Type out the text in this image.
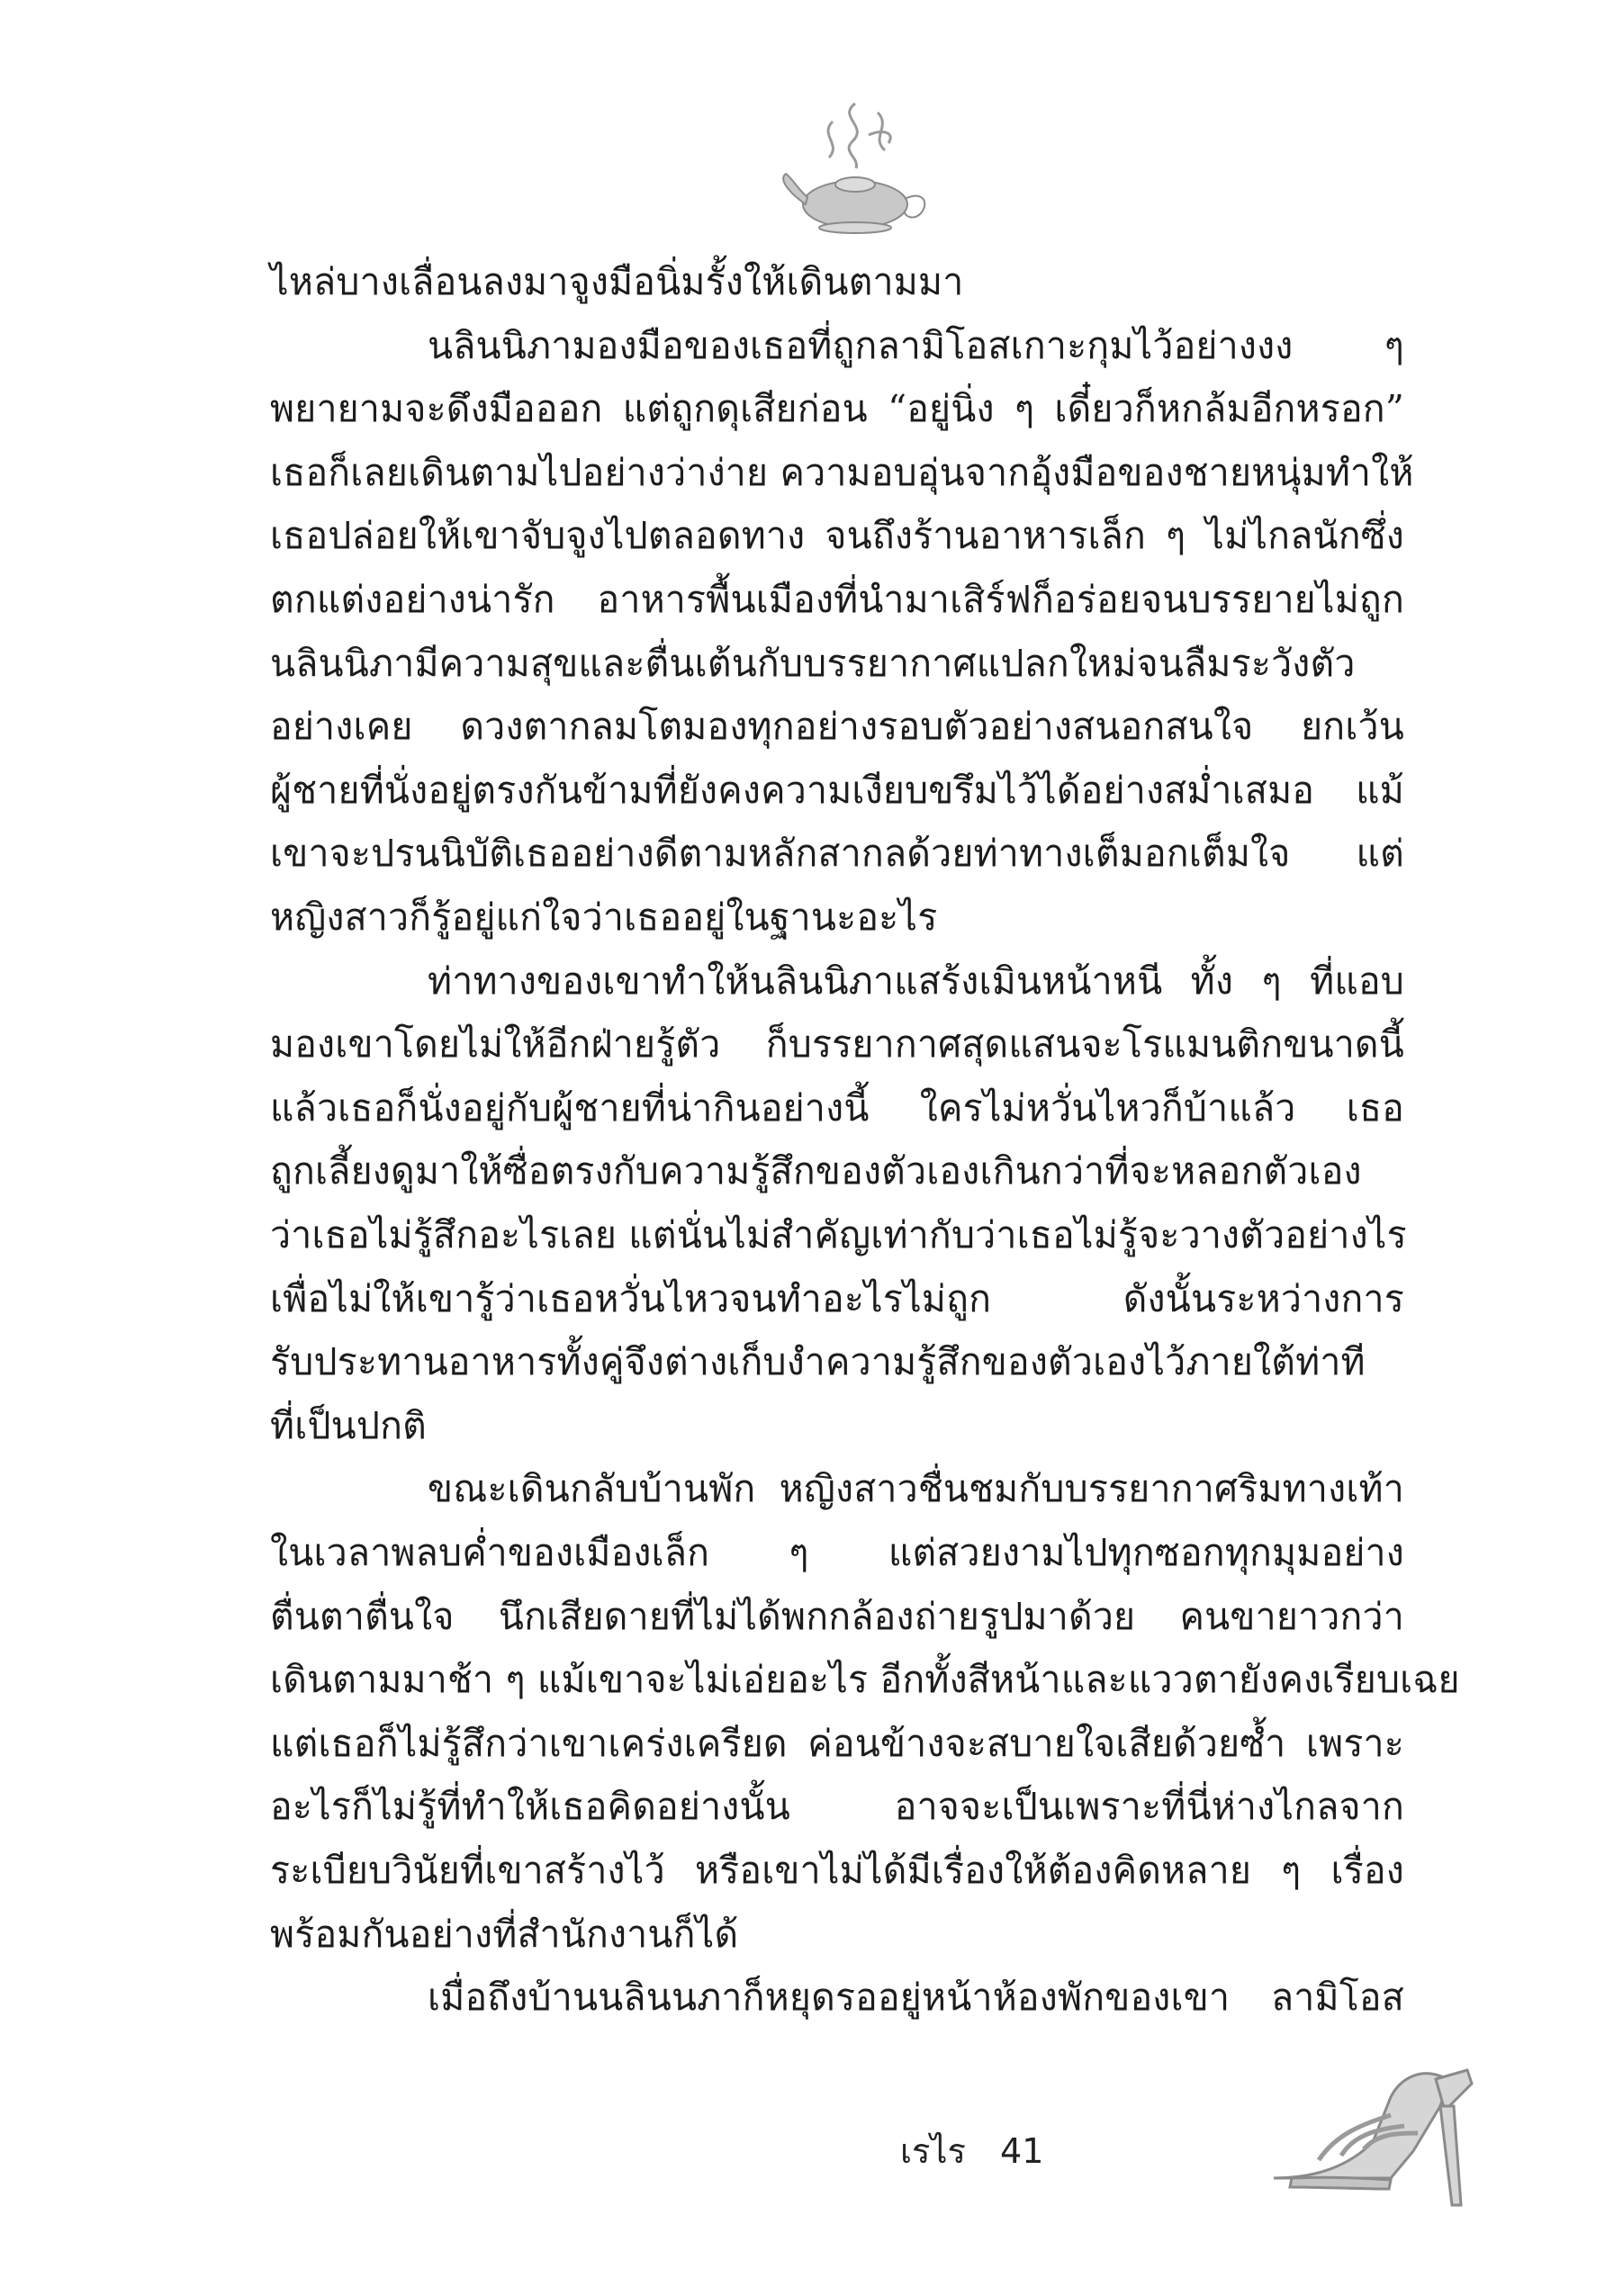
ไหล่บางเลื่อนลงมาจูงมือนิ่มรั้งให้เดินตามมา
นลินนิภามองมือของเธอที่ถูกลามิโอสเกาะกุมไว้อย่างงง ๆ
พยายามจะดึงมือออก แต่ถูกดุเสียก่อน “อยู่นิ่ง ๆ เดี๋ยวก็หกล้มอีกหรอก”
เธอก็เลยเดินตามไปอย่างว่าง่าย ความอบอุ่นจากอุ้งมือของชายหนุ่มทำให้
เธอปล่อยให้เขาจับจูงไปตลอดทาง จนถึงร้านอาหารเล็ก ๆ ไม่ไกลนักซึ่ง
ตกแต่งอย่างน่ารัก อาหารพื้นเมืองที่นำมาเสิร์ฟก็อร่อยจนบรรยายไม่ถูก
นลินนิภามีความสุขและตื่นเต้นกับบรรยากาศแปลกใหม่จนลืมระวังตัว
อย่างเคย ดวงตากลมโตมองทุกอย่างรอบตัวอย่างสนอกสนใจ ยกเว้น
ผู้ชายที่นั่งอยู่ตรงกันข้ามที่ยังคงความเงียบขรึมไว้ได้อย่างสม่ำเสมอ แม้
เขาจะปรนนิบัติเธออย่างดีตามหลักสากลด้วยท่าทางเต็มอกเต็มใจ แต่
หญิงสาวก็รู้อยู่แก่ใจว่าเธออยู่ในฐานะอะไร
ท่าทางของเขาทำให้นลินนิภาแสร้งเมินหน้าหนี ทั้ง ๆ ที่แอบ
มองเขาโดยไม่ให้อีกฝ่ายรู้ตัว ก็บรรยากาศสุดแสนจะโรแมนติกขนาดนี้
แล้วเธอก็นั่งอยู่กับผู้ชายที่น่ากินอย่างนี้ ใครไม่หวั่นไหวก็บ้าแล้ว เธอ
ถูกเลี้ยงดูมาให้ซื่อตรงกับความรู้สึกของตัวเองเกินกว่าที่จะหลอกตัวเอง
ว่าเธอไม่รู้สึกอะไรเลย แต่นั่นไม่สำคัญเท่ากับว่าเธอไม่รู้จะวางตัวอย่างไร
เพื่อไม่ให้เขารู้ว่าเธอหวั่นไหวจนทำอะไรไม่ถูก ดังนั้นระหว่างการ
รับประทานอาหารทั้งคู่จึงต่างเก็บงำความรู้สึกของตัวเองไว้ภายใต้ท่าที
ที่เป็นปกติ
ขณะเดินกลับบ้านพัก หญิงสาวชื่นชมกับบรรยากาศริมทางเท้า
ในเวลาพลบค่ำของเมืองเล็ก ๆ แต่สวยงามไปทุกซอกทุกมุมอย่าง
ตื่นตาตื่นใจ นึกเสียดายที่ไม่ได้พกกล้องถ่ายรูปมาด้วย คนขายาวกว่า
เดินตามมาช้า ๆ แม้เขาจะไม่เอ่ยอะไร อีกทั้งสีหน้าและแววตายังคงเรียบเฉย
แต่เธอก็ไม่รู้สึกว่าเขาเคร่งเครียด ค่อนข้างจะสบายใจเสียด้วยซ้ำ เพราะ
อะไรก็ไม่รู้ที่ทำให้เธอคิดอย่างนั้น อาจจะเป็นเพราะที่นี่ห่างไกลจาก
ระเบียบวินัยที่เขาสร้างไว้ หรือเขาไม่ได้มีเรื่องให้ต้องคิดหลาย ๆ เรื่อง
พร้อมกันอย่างที่สำนักงานก็ได้
เมื่อถึงบ้านนลินนภาก็หยุดรออยู่หน้าห้องพักของเขา ลามิโอส
เรไร 41
